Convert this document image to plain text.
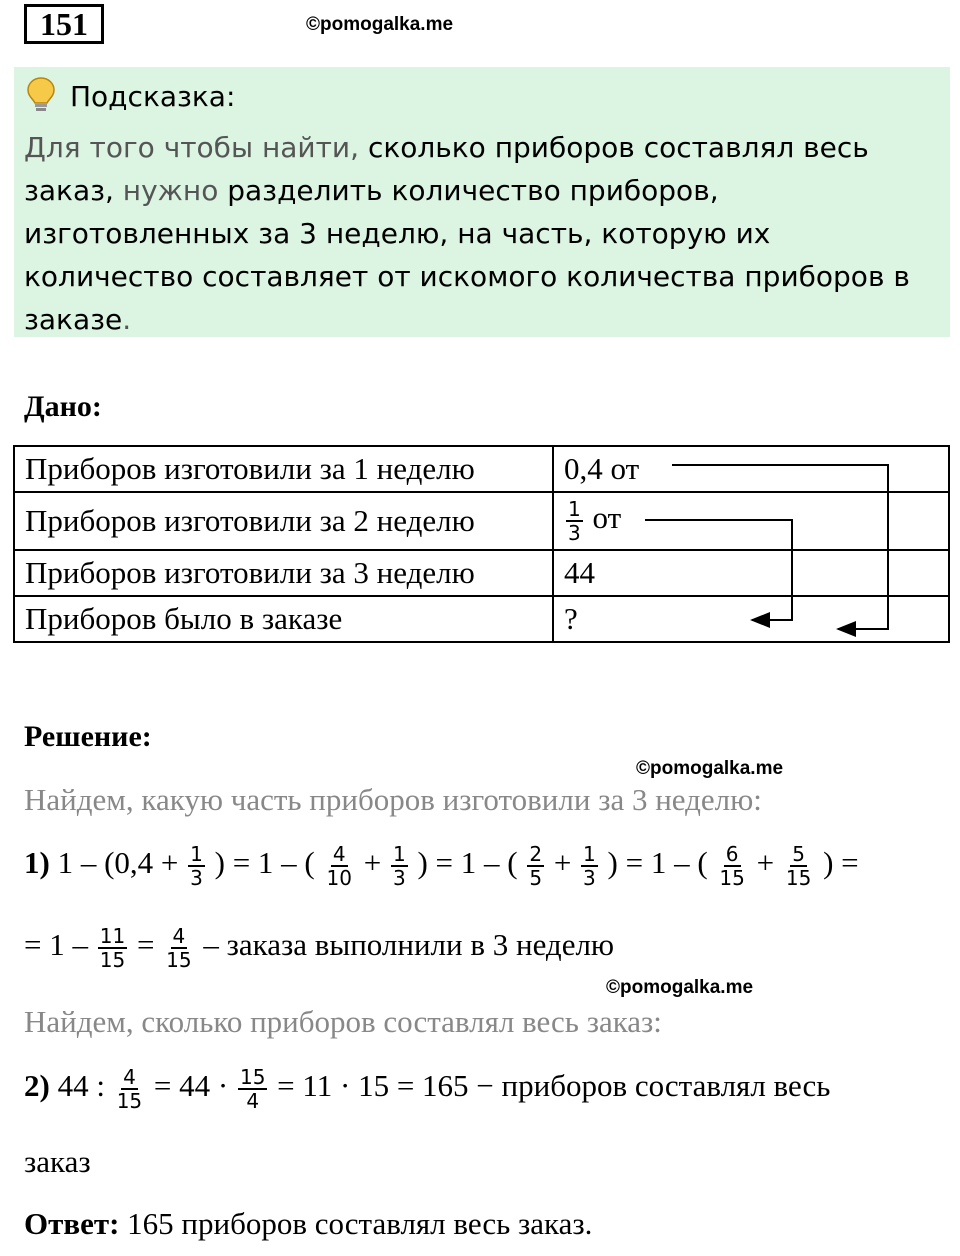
151	©pomogalka.me
Подсказка:
Для того чтобы найти, сколько приборов составлял весь заказ, нужно разделить количество приборов, изготовленных за 3 неделю, на часть, которую их количество составляет от искомого количества приборов в заказе.
Дано:
Приборов изготовили за 1 неделю	0,4 от
Приборов изготовили за 2 неделю	$\frac{1}{3}$ от
Приборов изготовили за 3 неделю	44
Приборов было в заказе	?
Решение:
©pomogalka.me
Найдем, какую часть приборов изготовили за 3 неделю:
1) $1 - (0,4 + \frac{1}{3}$ ) = 1 – ( $\frac{4}{10} + \frac{1}{3}$ ) = 1 – ( $\frac{2}{5} + \frac{1}{3}$ ) = 1 – ( $\frac{6}{15} + \frac{5}{15}$ ) =
= $1 - \frac{11}{15} = \frac{4}{15}$ – заказа выполнили в 3 неделю
©pomogalka.me
Найдем, сколько приборов составлял весь заказ:
2) 44 : $\frac{4}{15} = 44 \cdot \frac{15}{4} = 11 \cdot 15 = 165$ − приборов составлял весь
заказ
Ответ: 165 приборов составлял весь заказ.
